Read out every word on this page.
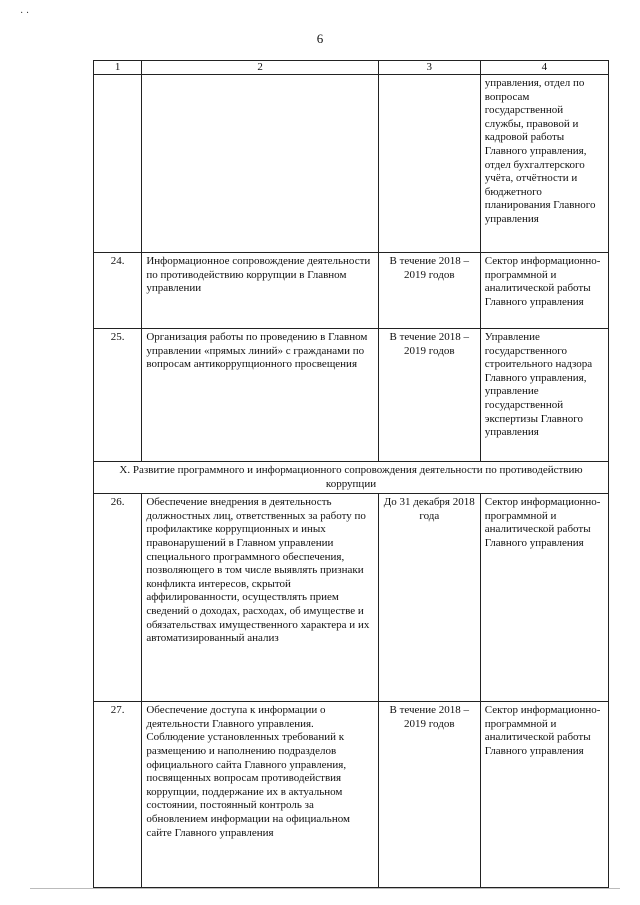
· ·
6
1	2	3	4
			управления, отдел по вопросам государственной службы, правовой и кадровой работы Главного управления, отдел бухгалтерского учёта, отчётности и бюджетного планирования Главного управления
24.	Информационное сопровождение деятельности по противодействию коррупции в Главном управлении	В течение 2018 – 2019 годов	Сектор информационно-программной и аналитической работы Главного управления
25.	Организация работы по проведению в Главном управлении «прямых линий» с гражданами по вопросам антикоррупционного просвещения	В течение 2018 – 2019 годов	Управление государственного строительного надзора Главного управления, управление государственной экспертизы Главного управления
X. Развитие программного и информационного сопровождения деятельности по противодействию коррупции			
26.	Обеспечение внедрения в деятельность должностных лиц, ответственных за работу по профилактике коррупционных и иных правонарушений в Главном управлении специального программного обеспечения, позволяющего в том числе выявлять признаки конфликта интересов, скрытой аффилированности, осуществлять прием сведений о доходах, расходах, об имуществе и обязательствах имущественного характера и их автоматизированный анализ	До 31 декабря 2018 года	Сектор информационно-программной и аналитической работы Главного управления
27.	Обеспечение доступа к информации о деятельности Главного управления. Соблюдение установленных требований к размещению и наполнению подразделов официального сайта Главного управления, посвященных вопросам противодействия коррупции, поддержание их в актуальном состоянии, постоянный контроль за обновлением информации на официальном сайте Главного управления	В течение 2018 – 2019 годов	Сектор информационно-программной и аналитической работы Главного управления
